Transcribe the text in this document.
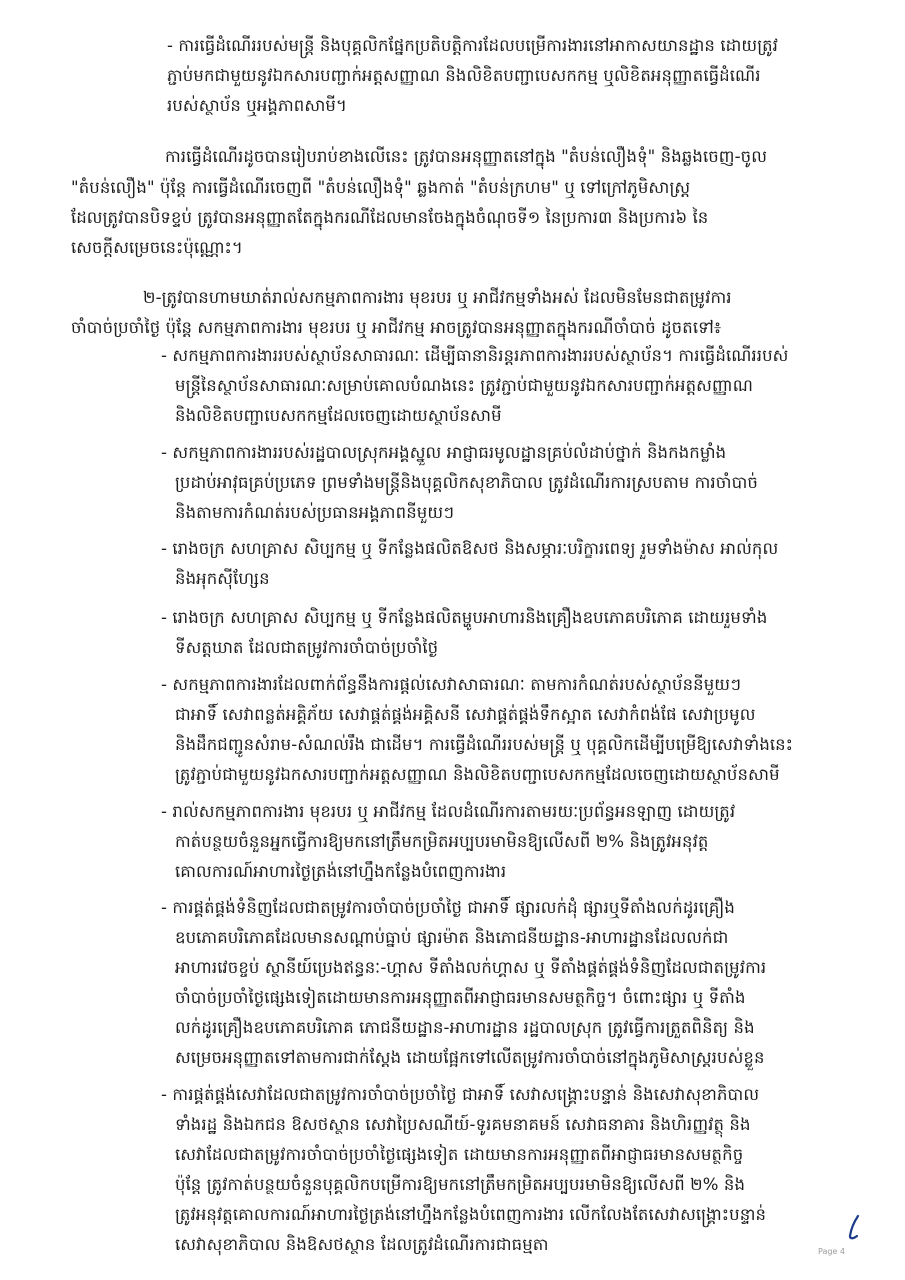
- ការធ្វើដំណើររបស់មន្ត្រី និងបុគ្គលិកផ្នែកប្រតិបត្តិការដែលបម្រើការងារនៅអាកាសយានដ្ឋាន ដោយត្រូវ
ភ្ជាប់មកជាមួយនូវឯកសារបញ្ជាក់អត្តសញ្ញាណ និងលិខិតបញ្ជាបេសកកម្ម ឬលិខិតអនុញ្ញាតធ្វើដំណើរ
របស់ស្ថាប័ន ឬអង្គភាពសាមី។
ការធ្វើដំណើរដូចបានរៀបរាប់ខាងលើនេះ ត្រូវបានអនុញ្ញាតនៅក្នុង "តំបន់លឿងទុំ" និងឆ្លងចេញ-ចូល
"តំបន់លឿង" ប៉ុន្តែ ការធ្វើដំណើរចេញពី "តំបន់លឿងទុំ" ឆ្លងកាត់ "តំបន់ក្រហម" ឬ ទៅក្រៅភូមិសាស្ត្រ
ដែលត្រូវបានបិទខ្ទប់ ត្រូវបានអនុញ្ញាតតែក្នុងករណីដែលមានចែងក្នុងចំណុចទី១ នៃប្រការ៣ និងប្រការ៦ នៃ
សេចក្តីសម្រេចនេះប៉ុណ្ណោះ។
២-ត្រូវបានហាមឃាត់រាល់សកម្មភាពការងារ មុខរបរ ឬ អាជីវកម្មទាំងអស់ ដែលមិនមែនជាតម្រូវការ
ចាំបាច់ប្រចាំថ្ងៃ ប៉ុន្តែ សកម្មភាពការងារ មុខរបរ ឬ អាជីវកម្ម អាចត្រូវបានអនុញ្ញាតក្នុងករណីចាំបាច់ ដូចតទៅ៖
- សកម្មភាពការងាររបស់ស្ថាប័នសាធារណៈ ដើម្បីធានានិរន្តរភាពការងាររបស់ស្ថាប័ន។ ការធ្វើដំណើររបស់
មន្ត្រីនៃស្ថាប័នសាធារណៈសម្រាប់គោលបំណងនេះ ត្រូវភ្ជាប់ជាមួយនូវឯកសារបញ្ជាក់អត្តសញ្ញាណ
និងលិខិតបញ្ជាបេសកកម្មដែលចេញដោយស្ថាប័នសាមី
- សកម្មភាពការងាររបស់រដ្ឋបាលស្រុកអង្គស្នួល អាជ្ញាធរមូលដ្ឋានគ្រប់លំដាប់ថ្នាក់ និងកងកម្លាំង
ប្រដាប់អាវុធគ្រប់ប្រភេទ ព្រមទាំងមន្ត្រីនិងបុគ្គលិកសុខាភិបាល ត្រូវដំណើរការស្របតាម ការចាំបាច់
និងតាមការកំណត់របស់ប្រធានអង្គភាពនីមួយៗ
- រោងចក្រ សហគ្រាស សិប្បកម្ម ឬ ទីកន្លែងផលិតឱសថ និងសម្ភារៈបរិក្ខារពេទ្យ រួមទាំងម៉ាស អាល់កុល
និងអុកស៊ីហ្សែន
- រោងចក្រ សហគ្រាស សិប្បកម្ម ឬ ទីកន្លែងផលិតម្ហូបអាហារនិងគ្រឿងឧបភោគបរិភោគ ដោយរួមទាំង
ទីសត្តឃាត ដែលជាតម្រូវការចាំបាច់ប្រចាំថ្ងៃ
- សកម្មភាពការងារដែលពាក់ព័ន្ធនឹងការផ្តល់សេវាសាធារណៈ តាមការកំណត់របស់ស្ថាប័ននីមួយៗ
ជាអាទិ៍ សេវាពន្លត់អគ្គិភ័យ សេវាផ្គត់ផ្គង់អគ្គិសនី សេវាផ្គត់ផ្គង់ទឹកស្អាត សេវាកំពង់ផែ សេវាប្រមូល
និងដឹកជញ្ជូនសំរាម-សំណល់រឹង ជាដើម។ ការធ្វើដំណើររបស់មន្ត្រី ឬ បុគ្គលិកដើម្បីបម្រើឱ្យសេវាទាំងនេះ
ត្រូវភ្ជាប់ជាមួយនូវឯកសារបញ្ជាក់អត្តសញ្ញាណ និងលិខិតបញ្ជាបេសកកម្មដែលចេញដោយស្ថាប័នសាមី
- រាល់សកម្មភាពការងារ មុខរបរ ឬ អាជីវកម្ម ដែលដំណើរការតាមរយៈប្រព័ន្ធអនឡាញ ដោយត្រូវ
កាត់បន្ថយចំនួនអ្នកធ្វើការឱ្យមកនៅត្រឹមកម្រិតអប្បបរមាមិនឱ្យលើសពី ២% និងត្រូវអនុវត្ត
គោលការណ៍អាហារថ្ងៃត្រង់នៅហ្នឹងកន្លែងបំពេញការងារ
- ការផ្គត់ផ្គង់ទំនិញដែលជាតម្រូវការចាំបាច់ប្រចាំថ្ងៃ ជាអាទិ៍ ផ្សារលក់ដុំ ផ្សារឬទីតាំងលក់ដូរគ្រឿង
ឧបភោគបរិភោគដែលមានសណ្តាប់ធ្នាប់ ផ្សារម៉ាត និងភោជនីយដ្ឋាន-អាហារដ្ឋានដែលលក់ជា
អាហារវេចខ្ចប់ ស្ថានីយ៍ប្រេងឥន្ធនៈ-ហ្គាស ទីតាំងលក់ហ្គាស ឬ ទីតាំងផ្គត់ផ្គង់ទំនិញដែលជាតម្រូវការ
ចាំបាច់ប្រចាំថ្ងៃផ្សេងទៀតដោយមានការអនុញ្ញាតពីអាជ្ញាធរមានសមត្ថកិច្ច។ ចំពោះផ្សារ ឬ ទីតាំង
លក់ដូរគ្រឿងឧបភោគបរិភោគ ភោជនីយដ្ឋាន-អាហារដ្ឋាន រដ្ឋបាលស្រុក ត្រូវធ្វើការត្រួតពិនិត្យ និង
សម្រេចអនុញ្ញាតទៅតាមការជាក់ស្តែង ដោយផ្អែកទៅលើតម្រូវការចាំបាច់នៅក្នុងភូមិសាស្ត្ររបស់ខ្លួន
- ការផ្គត់ផ្គង់សេវាដែលជាតម្រូវការចាំបាច់ប្រចាំថ្ងៃ ជាអាទិ៍ សេវាសង្គ្រោះបន្ទាន់ និងសេវាសុខាភិបាល
ទាំងរដ្ឋ និងឯកជន ឱសថស្ថាន សេវាប្រៃសណីយ៍-ទូរគមនាគមន៍ សេវាធនាគារ និងហិរញ្ញវត្ថុ និង
សេវាដែលជាតម្រូវការចាំបាច់ប្រចាំថ្ងៃផ្សេងទៀត ដោយមានការអនុញ្ញាតពីអាជ្ញាធរមានសមត្ថកិច្ច
ប៉ុន្តែ ត្រូវកាត់បន្ថយចំនួនបុគ្គលិកបម្រើការឱ្យមកនៅត្រឹមកម្រិតអប្បបរមាមិនឱ្យលើសពី ២% និង
ត្រូវអនុវត្តគោលការណ៍អាហារថ្ងៃត្រង់នៅហ្នឹងកន្លែងបំពេញការងារ លើកលែងតែសេវាសង្គ្រោះបន្ទាន់
សេវាសុខាភិបាល និងឱសថស្ថាន ដែលត្រូវដំណើរការជាធម្មតា	Page 4
